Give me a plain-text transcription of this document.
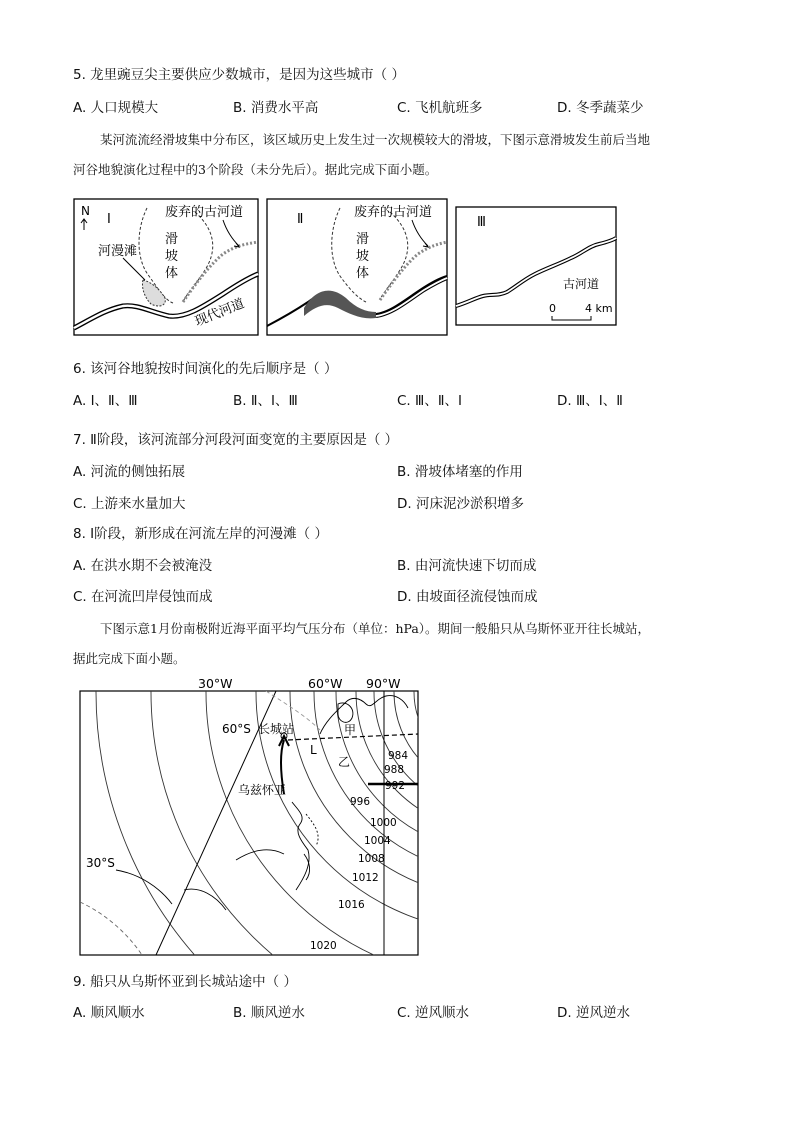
5. 龙里豌豆尖主要供应少数城市，是因为这些城市（ ）
A. 人口规模大	B. 消费水平高	C. 飞机航班多	D. 冬季蔬菜少
某河流流经滑坡集中分布区，该区域历史上发生过一次规模较大的滑坡，下图示意滑坡发生前后当地
河谷地貌演化过程中的3个阶段（未分先后）。据此完成下面小题。
N
Ⅰ	废弃的古河道
滑
坡
体
河漫滩
现代河道
Ⅱ	废弃的古河道
滑
坡
体
Ⅲ
古河道
0	4 km
6. 该河谷地貌按时间演化的先后顺序是（ ）
A. Ⅰ、Ⅱ、Ⅲ	B. Ⅱ、Ⅰ、Ⅲ	C. Ⅲ、Ⅱ、Ⅰ	D. Ⅲ、Ⅰ、Ⅱ
7. Ⅱ阶段，该河流部分河段河面变宽的主要原因是（ ）
A. 河流的侧蚀拓展	B. 滑坡体堵塞的作用
C. 上游来水量加大	D. 河床泥沙淤积增多
8. Ⅰ阶段，新形成在河流左岸的河漫滩（ ）
A. 在洪水期不会被淹没	B. 由河流快速下切而成
C. 在河流凹岸侵蚀而成	D. 由坡面径流侵蚀而成
下图示意1月份南极附近海平面平均气压分布（单位：hPa）。期间一般船只从乌斯怀亚开往长城站，
据此完成下面小题。
30°W	60°W 90°W
60°S
30°S
长城站
乌兹怀亚
甲
乙
L	984
988
992
996
1000
1004
1008
1012
1016
1020
9. 船只从乌斯怀亚到长城站途中（ ）
A. 顺风顺水	B. 顺风逆水	C. 逆风顺水	D. 逆风逆水
